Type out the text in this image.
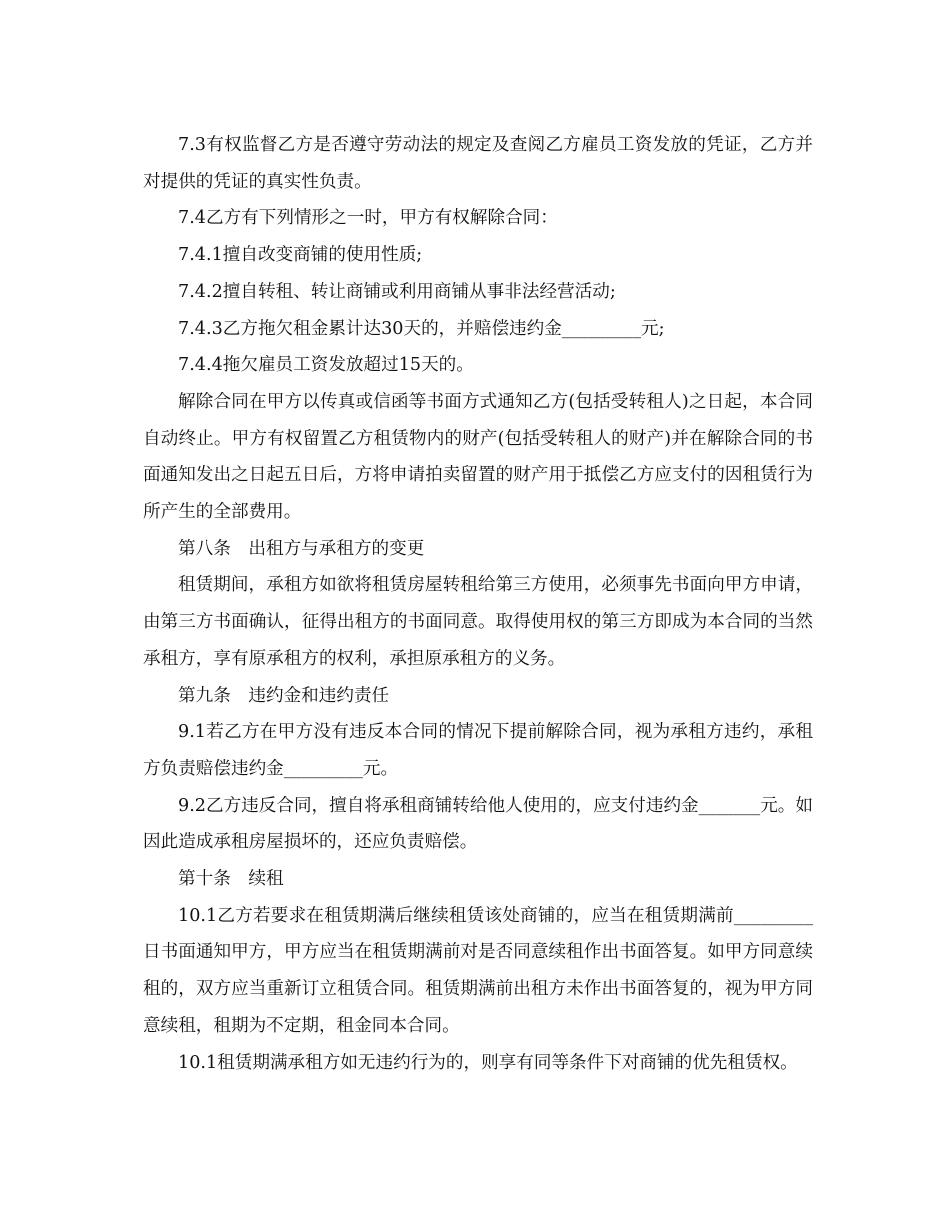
7.3有权监督乙方是否遵守劳动法的规定及查阅乙方雇员工资发放的凭证，乙方并对提供的凭证的真实性负责。

7.4乙方有下列情形之一时，甲方有权解除合同：

7.4.1擅自改变商铺的使用性质;

7.4.2擅自转租、转让商铺或利用商铺从事非法经营活动;

7.4.3乙方拖欠租金累计达30天的，并赔偿违约金_________元;

7.4.4拖欠雇员工资发放超过15天的。

解除合同在甲方以传真或信函等书面方式通知乙方(包括受转租人)之日起，本合同自动终止。甲方有权留置乙方租赁物内的财产(包括受转租人的财产)并在解除合同的书面通知发出之日起五日后，方将申请拍卖留置的财产用于抵偿乙方应支付的因租赁行为所产生的全部费用。

第八条　出租方与承租方的变更

租赁期间，承租方如欲将租赁房屋转租给第三方使用，必须事先书面向甲方申请，由第三方书面确认，征得出租方的书面同意。取得使用权的第三方即成为本合同的当然承租方，享有原承租方的权利，承担原承租方的义务。

第九条　违约金和违约责任

9.1若乙方在甲方没有违反本合同的情况下提前解除合同，视为承租方违约，承租方负责赔偿违约金_________元。

9.2乙方违反合同，擅自将承租商铺转给他人使用的，应支付违约金_______元。如因此造成承租房屋损坏的，还应负责赔偿。

第十条　续租

10.1乙方若要求在租赁期满后继续租赁该处商铺的，应当在租赁期满前_________日书面通知甲方，甲方应当在租赁期满前对是否同意续租作出书面答复。如甲方同意续租的，双方应当重新订立租赁合同。租赁期满前出租方未作出书面答复的，视为甲方同意续租，租期为不定期，租金同本合同。

10.1租赁期满承租方如无违约行为的，则享有同等条件下对商铺的优先租赁权。
